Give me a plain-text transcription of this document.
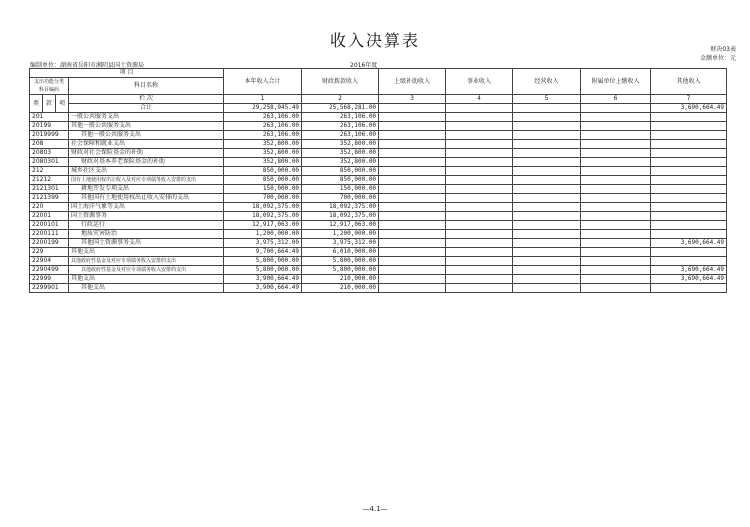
收入决算表	财决03表
金额单位：元
编制单位：湖南省岳阳市湘阴县国土资源局	2016年度
项 目				本年收入合计	财政拨款收入	上级补助收入	事业收入	经营收入	附属单位上缴收入	其他收入
支出功能分类科目编码			科目名称							

类	款	项	栏 次	1	2	3	4	5	6	7
			合计	29,258,945.49	25,568,281.00					3,690,664.49
201			一般公共服务支出	263,106.00	263,106.00					
20199			其他一般公共服务支出	263,106.00	263,106.00					
2019999			其他一般公共服务支出	263,106.00	263,106.00					
208			社会保障和就业支出	352,800.00	352,800.00					
20803			财政对社会保险基金的补助	352,800.00	352,800.00					
2080301			财政对基本养老保险基金的补助	352,800.00	352,800.00					
212			城乡社区支出	850,000.00	850,000.00					
21212			国有土地使用权出让收入及对应专项债务收入安排的支出	850,000.00	850,000.00					
2121301			耕地开发专项支出	150,000.00	150,000.00					
2121399			其他国有土地使用权出让收入安排的支出	700,000.00	700,000.00					
220			国土海洋气象等支出	18,092,375.00	18,092,375.00					
22001			国土资源事务	18,092,375.00	18,092,375.00					
2200101			行政运行	12,917,063.00	12,917,063.00					
2200111			地质灾害防治	1,200,000.00	1,200,000.00					
2200199			其他国土资源事务支出	3,975,312.00	3,975,312.00					3,690,664.49
229			其他支出	9,700,664.49	6,010,000.00					
22904			其他政府性基金及对应专项债务收入安排的支出	5,800,000.00	5,800,000.00					
2290499			其他政府性基金及对应专项债务收入安排的支出	5,800,000.00	5,800,000.00					3,690,664.49
22999			其他支出	3,900,664.49	210,000.00					3,690,664.49
2299901			其他支出	3,900,664.49	210,000.00					
—4.1—
